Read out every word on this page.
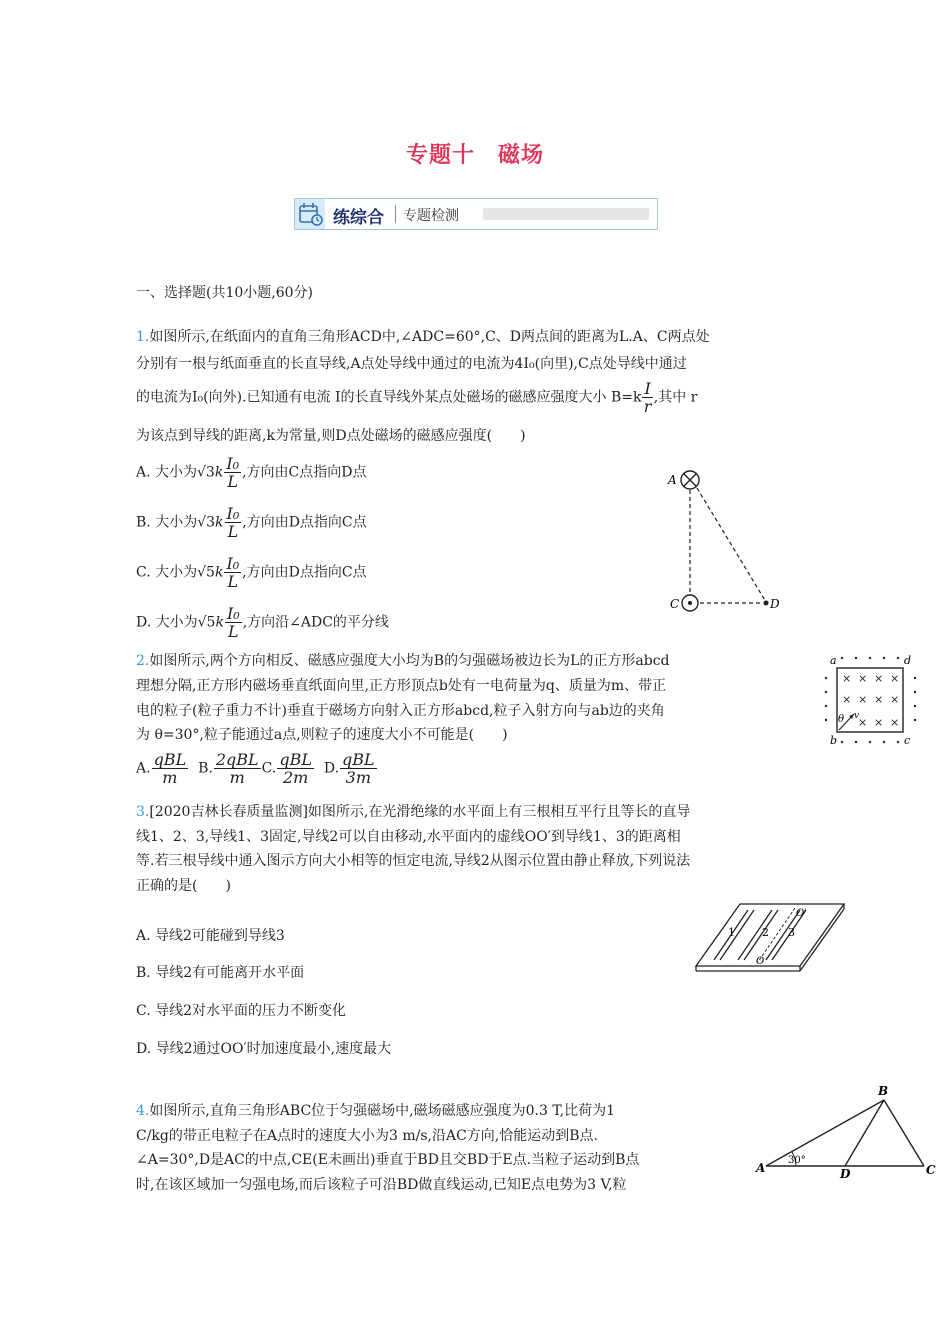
专题十　磁场
练综合 专题检测
一、选择题(共10小题,60分)
1.如图所示,在纸面内的直角三角形ACD中,∠ADC=60°,C、D两点间的距离为L.A、C两点处
分别有一根与纸面垂直的长直导线,A点处导线中通过的电流为4I₀(向里),C点处导线中通过
的电流为I₀(向外).已知通有电流 I的长直导线外某点处磁场的磁感应强度大小 $B=k \frac{I}{r}$ ,其中 r
为该点到导线的距离,k为常量,则D点处磁场的磁感应强度(　　)
A. 大小为$√3k \frac{\text{I₀}}{L}$ ,方向由C点指向D点
B. 大小为$√3k \frac{\text{I₀}}{L}$ ,方向由D点指向C点
C. 大小为$√5k \frac{\text{I₀}}{L}$ ,方向由D点指向C点
D. 大小为$√5k \frac{\text{I₀}}{L}$ ,方向沿∠ADC的平分线
A
C	D
2.如图所示,两个方向相反、磁感应强度大小均为B的匀强磁场被边长为L的正方形abcd
理想分隔,正方形内磁场垂直纸面向里,正方形顶点b处有一电荷量为q、质量为m、带正
电的粒子(粒子重力不计)垂直于磁场方向射入正方形abcd,粒子入射方向与ab边的夹角
为 θ=30°,粒子能通过a点,则粒子的速度大小不可能是(　　)
A. $\frac{\text{qBL}}{m} B$. $\frac{\text{2qBL}}{m} C$. $\frac{\text{qBL}}{2m} D$. $\frac{\text{qBL}}{3m}$
a	d
× × × ×
× × × ×
× × ×
θ v
b	c
3.[2020吉林长春质量监测]如图所示,在光滑绝缘的水平面上有三根相互平行且等长的直导
线1、2、3,导线1、3固定,导线2可以自由移动,水平面内的虚线OO′到导线1、3的距离相
等.若三根导线中通入图示方向大小相等的恒定电流,导线2从图示位置由静止释放,下列说法
正确的是(　　)
A. 导线2可能碰到导线3
B. 导线2有可能离开水平面
C. 导线2对水平面的压力不断变化
D. 导线2通过OO′时加速度最小,速度最大
1 2 3
O′
O
4.如图所示,直角三角形ABC位于匀强磁场中,磁场磁感应强度为0.3 T,比荷为1
C/kg的带正电粒子在A点时的速度大小为3 m/s,沿AC方向,恰能运动到B点.
∠A=30°,D是AC的中点,CE(E未画出)垂直于BD且交BD于E点.当粒子运动到B点
时,在该区域加一匀强电场,而后该粒子可沿BD做直线运动,已知E点电势为3 V,粒
A
B
C
D
30°
